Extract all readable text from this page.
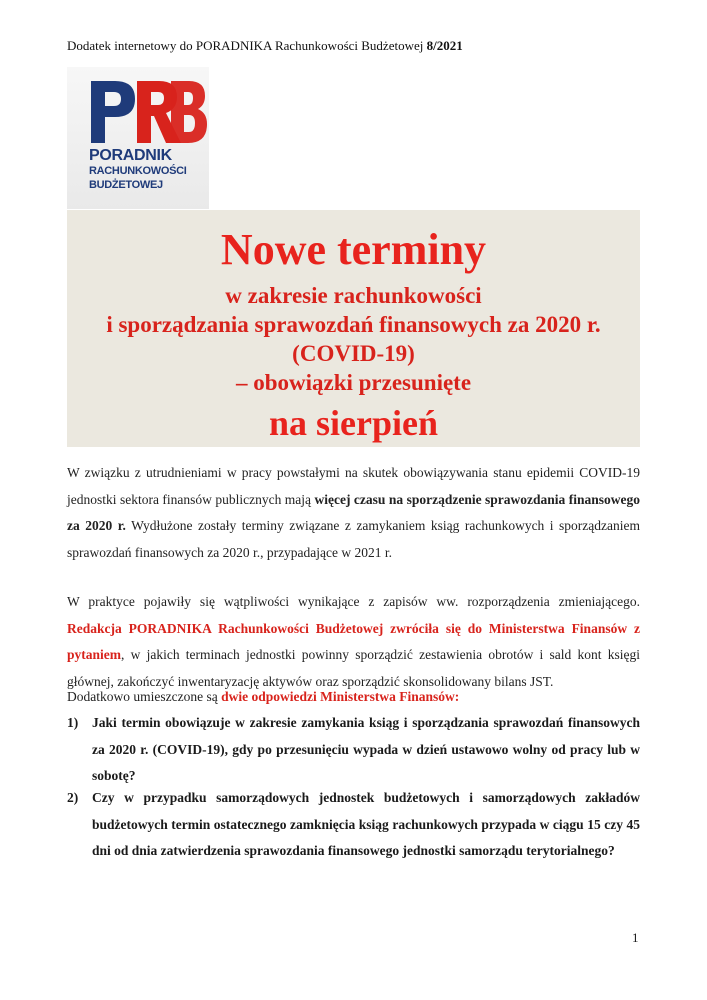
Dodatek internetowy do PORADNIKA Rachunkowości Budżetowej 8/2021
PORADNIK
RACHUNKOWOŚCI
BUDŻETOWEJ
Nowe terminy
w zakresie rachunkowości
i sporządzania sprawozdań finansowych za 2020 r.
(COVID-19)
– obowiązki przesunięte
na sierpień
W związku z utrudnieniami w pracy powstałymi na skutek obowiązywania stanu epidemii COVID-19 jednostki sektora finansów publicznych mają więcej czasu na sporządzenie sprawozdania finansowego za 2020 r. Wydłużone zostały terminy związane z zamykaniem ksiąg rachunkowych i sporządzaniem sprawozdań finansowych za 2020 r., przypadające w 2021 r.
W praktyce pojawiły się wątpliwości wynikające z zapisów ww. rozporządzenia zmieniającego. Redakcja PORADNIKA Rachunkowości Budżetowej zwróciła się do Ministerstwa Finansów z pytaniem, w jakich terminach jednostki powinny sporządzić zestawienia obrotów i sald kont księgi głównej, zakończyć inwentaryzację aktywów oraz sporządzić skonsolidowany bilans JST.
Dodatkowo umieszczone są dwie odpowiedzi Ministerstwa Finansów:
1) Jaki termin obowiązuje w zakresie zamykania ksiąg i sporządzania sprawozdań finansowych za 2020 r. (COVID-19), gdy po przesunięciu wypada w dzień ustawowo wolny od pracy lub w sobotę?
2) Czy w przypadku samorządowych jednostek budżetowych i samorządowych zakładów budżetowych termin ostatecznego zamknięcia ksiąg rachunkowych przypada w ciągu 15 czy 45 dni od dnia zatwierdzenia sprawozdania finansowego jednostki samorządu terytorialnego?
1
